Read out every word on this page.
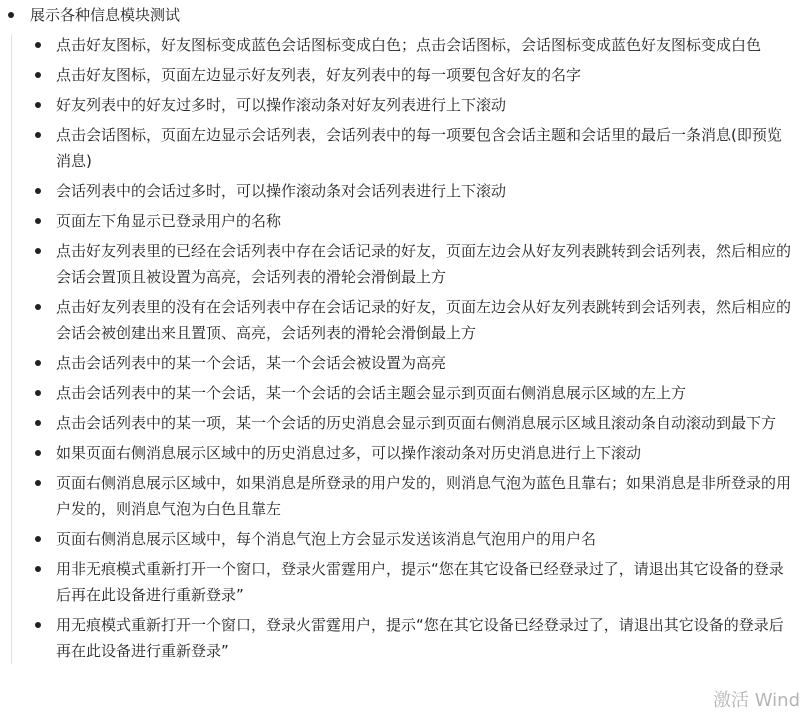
展示各种信息模块测试
点击好友图标，好友图标变成蓝色会话图标变成白色；点击会话图标，会话图标变成蓝色好友图标变成白色
点击好友图标，页面左边显示好友列表，好友列表中的每一项要包含好友的名字
好友列表中的好友过多时，可以操作滚动条对好友列表进行上下滚动
点击会话图标，页面左边显示会话列表，会话列表中的每一项要包含会话主题和会话里的最后一条消息(即预览消息)
会话列表中的会话过多时，可以操作滚动条对会话列表进行上下滚动
页面左下角显示已登录用户的名称
点击好友列表里的已经在会话列表中存在会话记录的好友，页面左边会从好友列表跳转到会话列表，然后相应的会话会置顶且被设置为高亮，会话列表的滑轮会滑倒最上方
点击好友列表里的没有在会话列表中存在会话记录的好友，页面左边会从好友列表跳转到会话列表，然后相应的会话会被创建出来且置顶、高亮，会话列表的滑轮会滑倒最上方
点击会话列表中的某一个会话，某一个会话会被设置为高亮
点击会话列表中的某一个会话，某一个会话的会话主题会显示到页面右侧消息展示区域的左上方
点击会话列表中的某一项，某一个会话的历史消息会显示到页面右侧消息展示区域且滚动条自动滚动到最下方
如果页面右侧消息展示区域中的历史消息过多，可以操作滚动条对历史消息进行上下滚动
页面右侧消息展示区域中，如果消息是所登录的用户发的，则消息气泡为蓝色且靠右；如果消息是非所登录的用户发的，则消息气泡为白色且靠左
页面右侧消息展示区域中，每个消息气泡上方会显示发送该消息气泡用户的用户名
用非无痕模式重新打开一个窗口，登录火雷霆用户，提示“您在其它设备已经登录过了，请退出其它设备的登录后再在此设备进行重新登录”
用无痕模式重新打开一个窗口，登录火雷霆用户，提示“您在其它设备已经登录过了，请退出其它设备的登录后再在此设备进行重新登录”
激活 Wind
